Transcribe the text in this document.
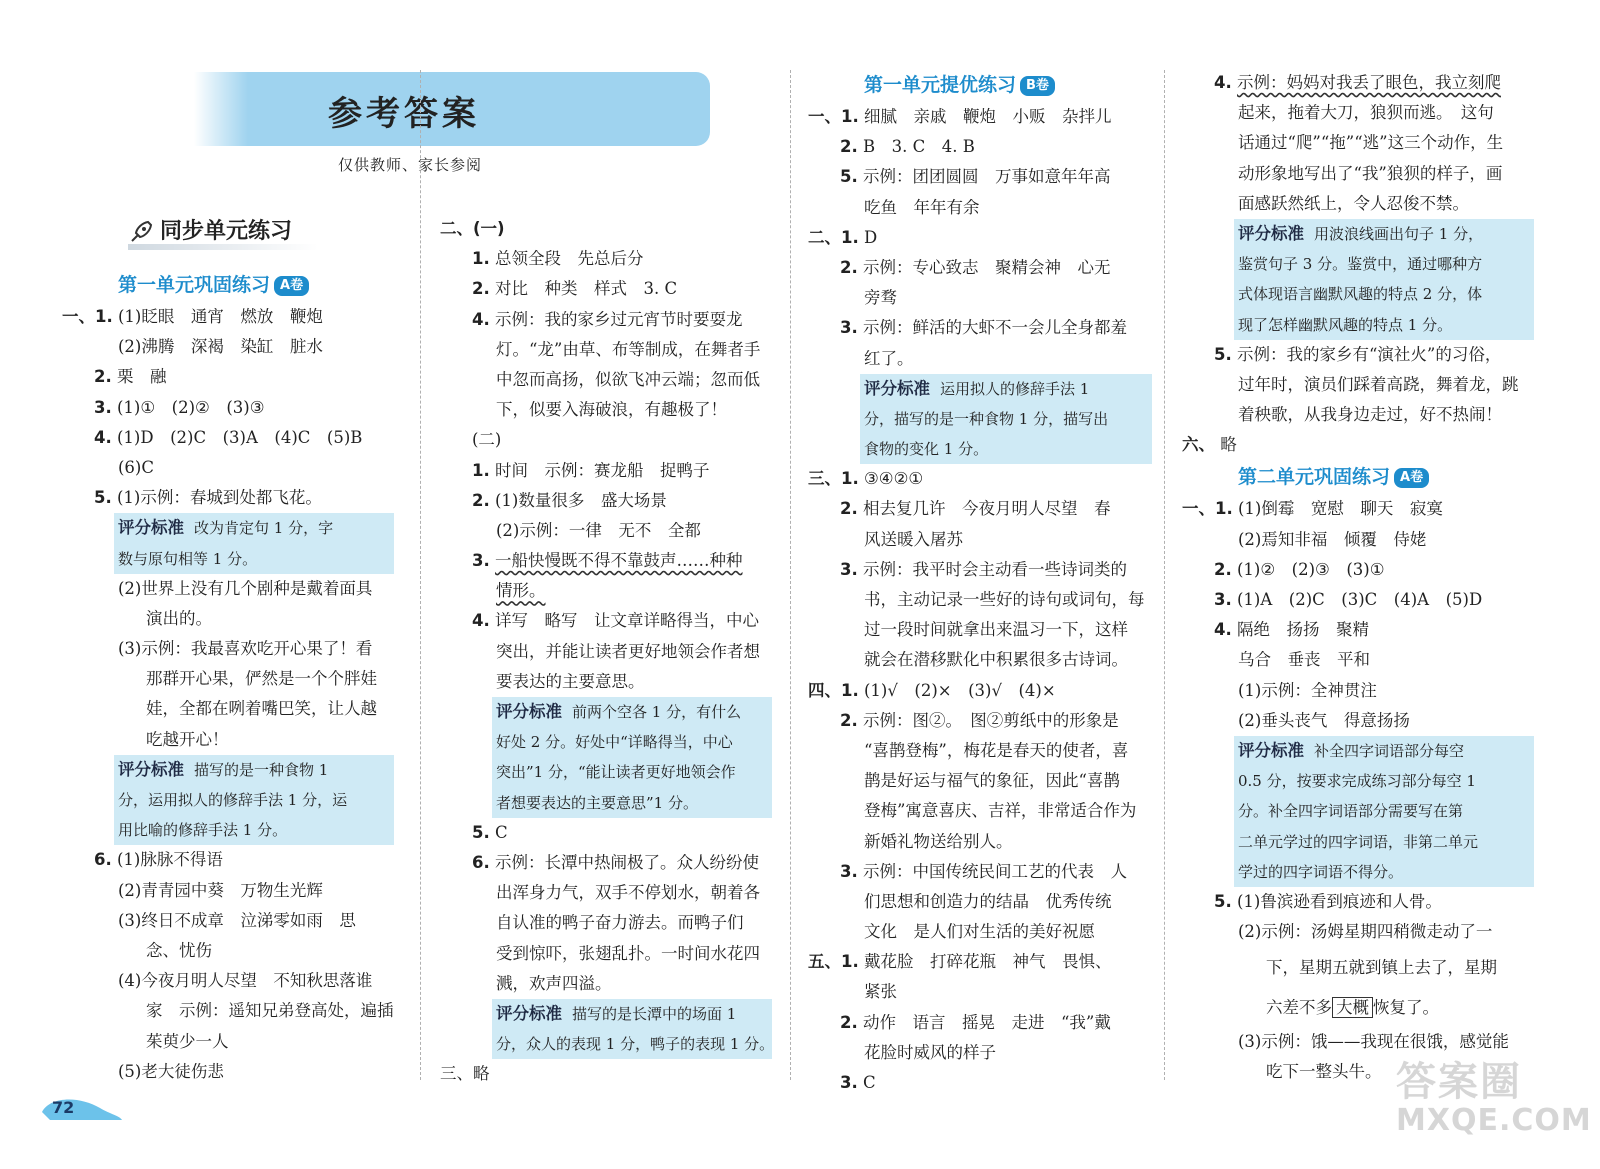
参考答案
仅供教师、家长参阅
同步单元练习
第一单元巩固练习 A卷
一、1. (1)眨眼　通宵　燃放　鞭炮
(2)沸腾　深褐　染缸　脏水
2. 栗　融
3. (1)①　(2)②　(3)③
4. (1)D　(2)C　(3)A　(4)C　(5)B
(6)C
5. (1)示例：春城到处都飞花。
评分标准 改为肯定句 1 分，字
数与原句相等 1 分。
(2)世界上没有几个剧种是戴着面具
演出的。
(3)示例：我最喜欢吃开心果了！看
那群开心果，俨然是一个个胖娃
娃，全都在咧着嘴巴笑，让人越
吃越开心！
评分标准 描写的是一种食物 1
分，运用拟人的修辞手法 1 分，运
用比喻的修辞手法 1 分。
6. (1)脉脉不得语
(2)青青园中葵　万物生光辉
(3)终日不成章　泣涕零如雨　思
念、忧伤
(4)今夜月明人尽望　不知秋思落谁
家　示例：遥知兄弟登高处，遍插
茱萸少一人
(5)老大徒伤悲
二、(一)
1. 总领全段　先总后分
2. 对比　种类　样式　3. C
4. 示例：我的家乡过元宵节时要耍龙
灯。“龙”由草、布等制成，在舞者手
中忽而高扬，似欲飞冲云端；忽而低
下，似要入海破浪，有趣极了！
(二)
1. 时间　示例：赛龙船　捉鸭子
2. (1)数量很多　盛大场景
(2)示例：一律　无不　全都
3. 一船快慢既不得不靠鼓声……种种
情形。
4. 详写　略写　让文章详略得当，中心
突出，并能让读者更好地领会作者想
要表达的主要意思。
评分标准 前两个空各 1 分，有什么
好处 2 分。好处中“详略得当，中心
突出”1 分，“能让读者更好地领会作
者想要表达的主要意思”1 分。
5. C
6. 示例：长潭中热闹极了。众人纷纷使
出浑身力气，双手不停划水，朝着各
自认准的鸭子奋力游去。而鸭子们
受到惊吓，张翅乱扑。一时间水花四
溅，欢声四溢。
评分标准 描写的是长潭中的场面 1
分，众人的表现 1 分，鸭子的表现 1 分。
三、略
第一单元提优练习 B卷
一、1. 细腻　亲戚　鞭炮　小贩　杂拌儿
2. B　3. C　4. B
5. 示例：团团圆圆　万事如意年年高
吃鱼　年年有余
二、1. D
2. 示例：专心致志　聚精会神　心无
旁骛
3. 示例：鲜活的大虾不一会儿全身都羞
红了。
评分标准 运用拟人的修辞手法 1
分，描写的是一种食物 1 分，描写出
食物的变化 1 分。
三、1. ③④②①
2. 相去复几许　今夜月明人尽望　春
风送暖入屠苏
3. 示例：我平时会主动看一些诗词类的
书，主动记录一些好的诗句或词句，每
过一段时间就拿出来温习一下，这样
就会在潜移默化中积累很多古诗词。
四、1. (1)√　(2)×　(3)√　(4)×
2. 示例：图②。　图②剪纸中的形象是
“喜鹊登梅”，梅花是春天的使者，喜
鹊是好运与福气的象征，因此“喜鹊
登梅”寓意喜庆、吉祥，非常适合作为
新婚礼物送给别人。
3. 示例：中国传统民间工艺的代表　人
们思想和创造力的结晶　优秀传统
文化　是人们对生活的美好祝愿
五、1. 戴花脸　打碎花瓶　神气　畏惧、
紧张
2. 动作　语言　摇晃　走进　“我”戴
花脸时威风的样子
3. C
4. 示例：妈妈对我丢了眼色，我立刻爬
起来，拖着大刀，狼狈而逃。　这句
话通过“爬”“拖”“逃”这三个动作，生
动形象地写出了“我”狼狈的样子，画
面感跃然纸上，令人忍俊不禁。
评分标准 用波浪线画出句子 1 分，
鉴赏句子 3 分。鉴赏中，通过哪种方
式体现语言幽默风趣的特点 2 分，体
现了怎样幽默风趣的特点 1 分。
5. 示例：我的家乡有“演社火”的习俗，
过年时，演员们踩着高跷，舞着龙，跳
着秧歌，从我身边走过，好不热闹！
六、 略
第二单元巩固练习 A卷
一、1. (1)倒霉　宽慰　聊天　寂寞
(2)焉知非福　倾覆　侍姥
2. (1)②　(2)③　(3)①
3. (1)A　(2)C　(3)C　(4)A　(5)D
4. 隔绝　扬扬　聚精
乌合　垂丧　平和
(1)示例：全神贯注
(2)垂头丧气　得意扬扬
评分标准 补全四字词语部分每空
0.5 分，按要求完成练习部分每空 1
分。补全四字词语部分需要写在第
二单元学过的四字词语，非第二单元
学过的四字词语不得分。
5. (1)鲁滨逊看到痕迹和人骨。
(2)示例：汤姆星期四稍微走动了一
下，星期五就到镇上去了，星期
六差不多 大概 恢复了。
(3)示例：饿——我现在很饿，感觉能
吃下一整头牛。
72
答案圈
MXQE.COM
